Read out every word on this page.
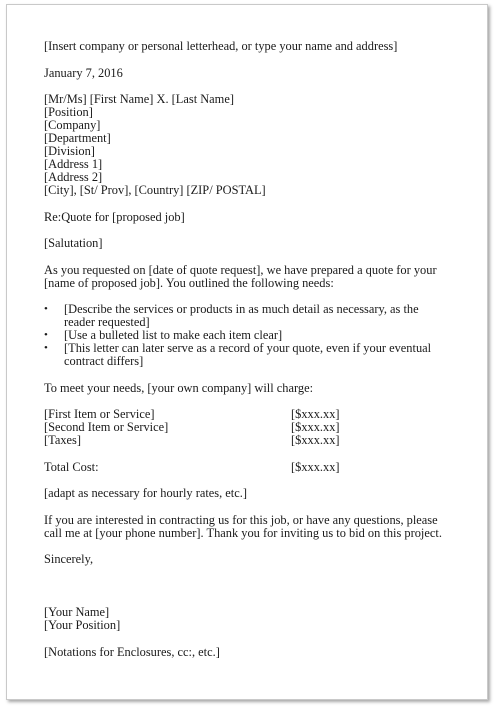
[Insert company or personal letterhead, or type your name and address]
January 7, 2016
[Mr/Ms] [First Name] X. [Last Name]
[Position]
[Company]
[Department]
[Division]
[Address 1]
[Address 2]
[City], [St/ Prov], [Country] [ZIP/ POSTAL]
Re:Quote for [proposed job]
[Salutation]
As you requested on [date of quote request], we have prepared a quote for your
[name of proposed job]. You outlined the following needs:
• [Describe the services or products in as much detail as necessary, as the
reader requested]
• [Use a bulleted list to make each item clear]
• [This letter can later serve as a record of your quote, even if your eventual
contract differs]
To meet your needs, [your own company] will charge:
[First Item or Service]	[$xxx.xx]
[Second Item or Service]	[$xxx.xx]
[Taxes]	[$xxx.xx]
Total Cost:	[$xxx.xx]
[adapt as necessary for hourly rates, etc.]
If you are interested in contracting us for this job, or have any questions, please
call me at [your phone number]. Thank you for inviting us to bid on this project.
Sincerely,
[Your Name]
[Your Position]
[Notations for Enclosures, cc:, etc.]
